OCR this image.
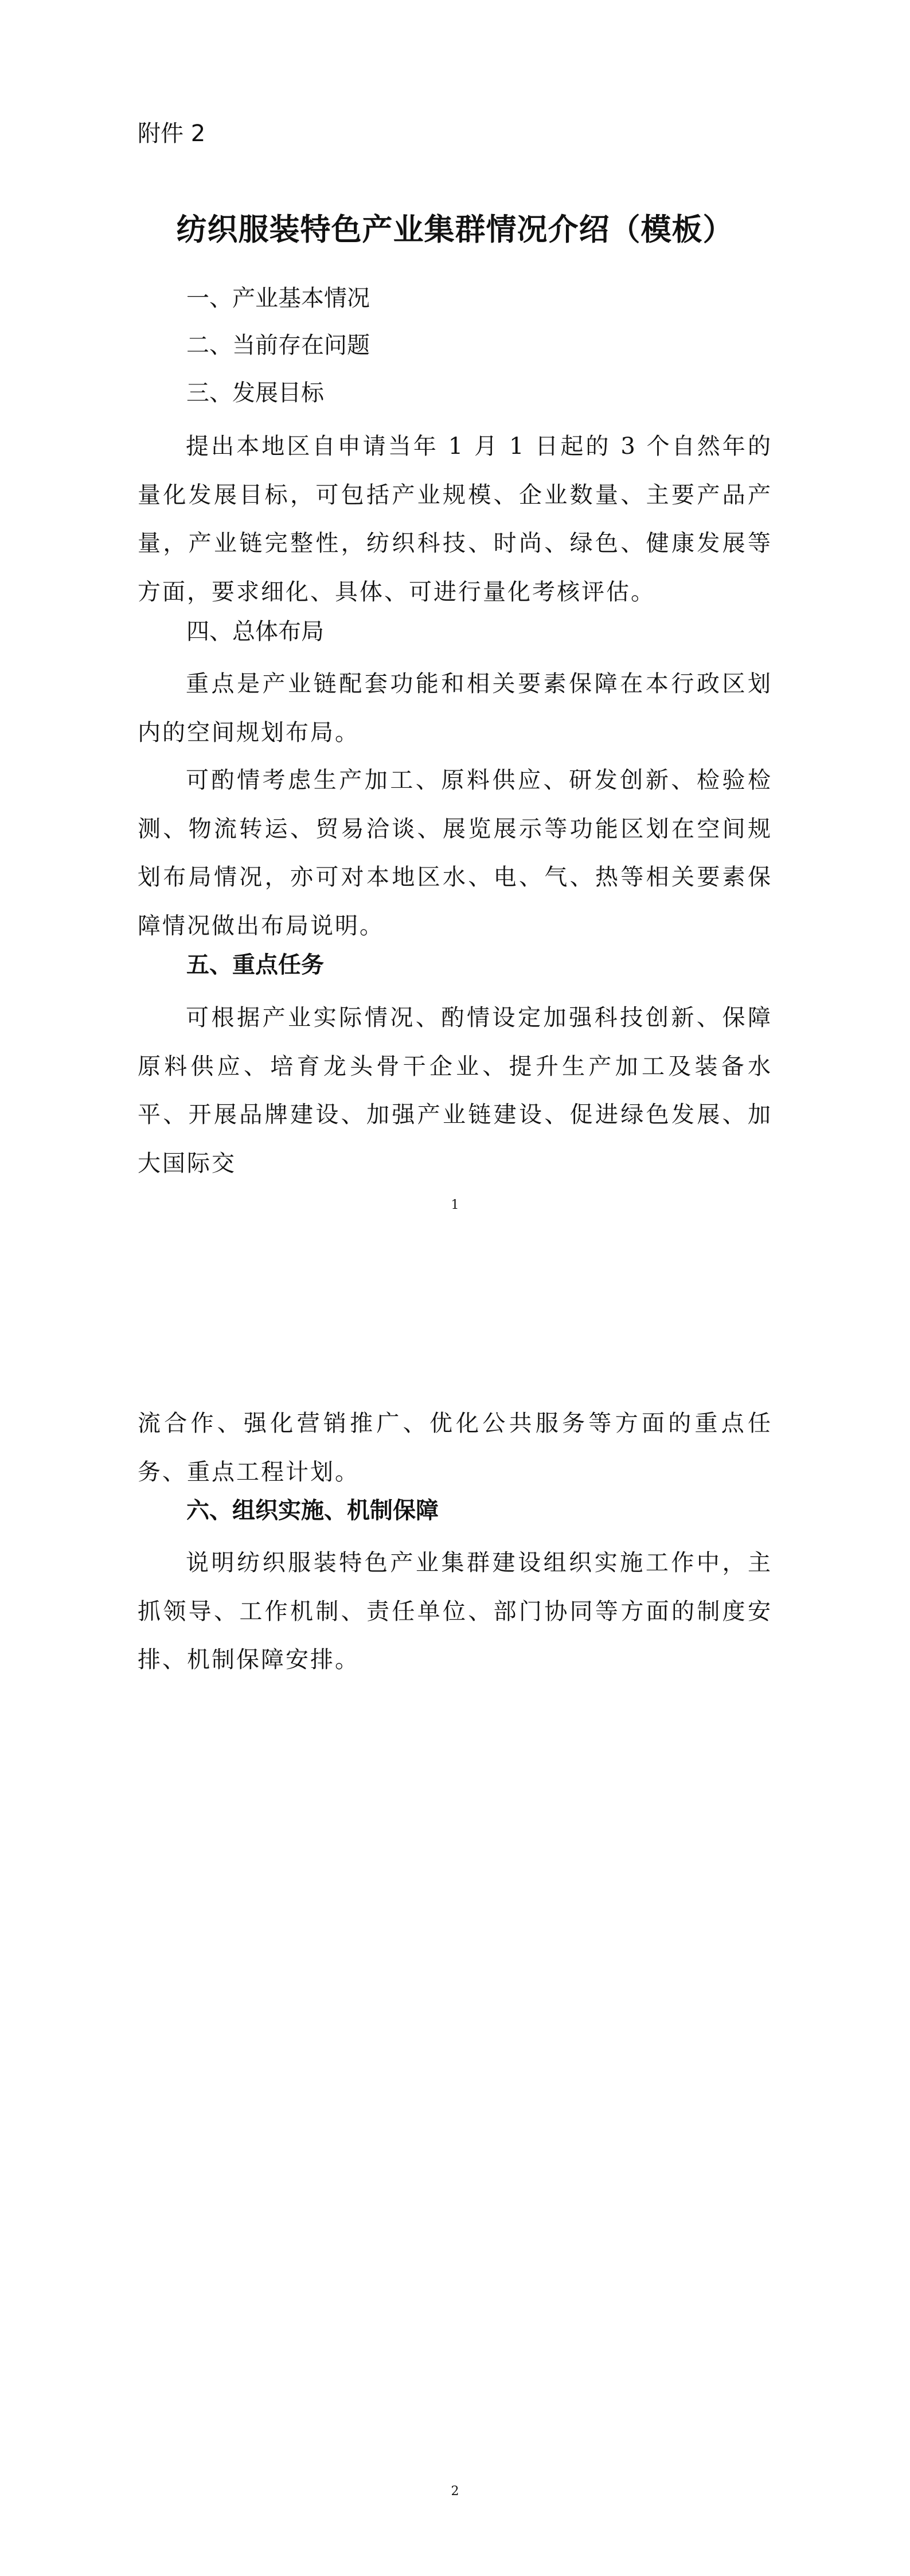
附件 2
纺织服装特色产业集群情况介绍（模板）
一、产业基本情况
二、当前存在问题
三、发展目标
提出本地区自申请当年 1 月 1 日起的 3 个自然年的量化发展目标，可包括产业规模、企业数量、主要产品产量，产业链完整性，纺织科技、时尚、绿色、健康发展等方面，要求细化、具体、可进行量化考核评估。
四、总体布局
重点是产业链配套功能和相关要素保障在本行政区划内的空间规划布局。
可酌情考虑生产加工、原料供应、研发创新、检验检测、物流转运、贸易洽谈、展览展示等功能区划在空间规划布局情况，亦可对本地区水、电、气、热等相关要素保障情况做出布局说明。
五、重点任务
可根据产业实际情况、酌情设定加强科技创新、保障原料供应、培育龙头骨干企业、提升生产加工及装备水平、开展品牌建设、加强产业链建设、促进绿色发展、加大国际交
1
流合作、强化营销推广、优化公共服务等方面的重点任务、重点工程计划。
六、组织实施、机制保障
说明纺织服装特色产业集群建设组织实施工作中，主抓领导、工作机制、责任单位、部门协同等方面的制度安排、机制保障安排。
2
